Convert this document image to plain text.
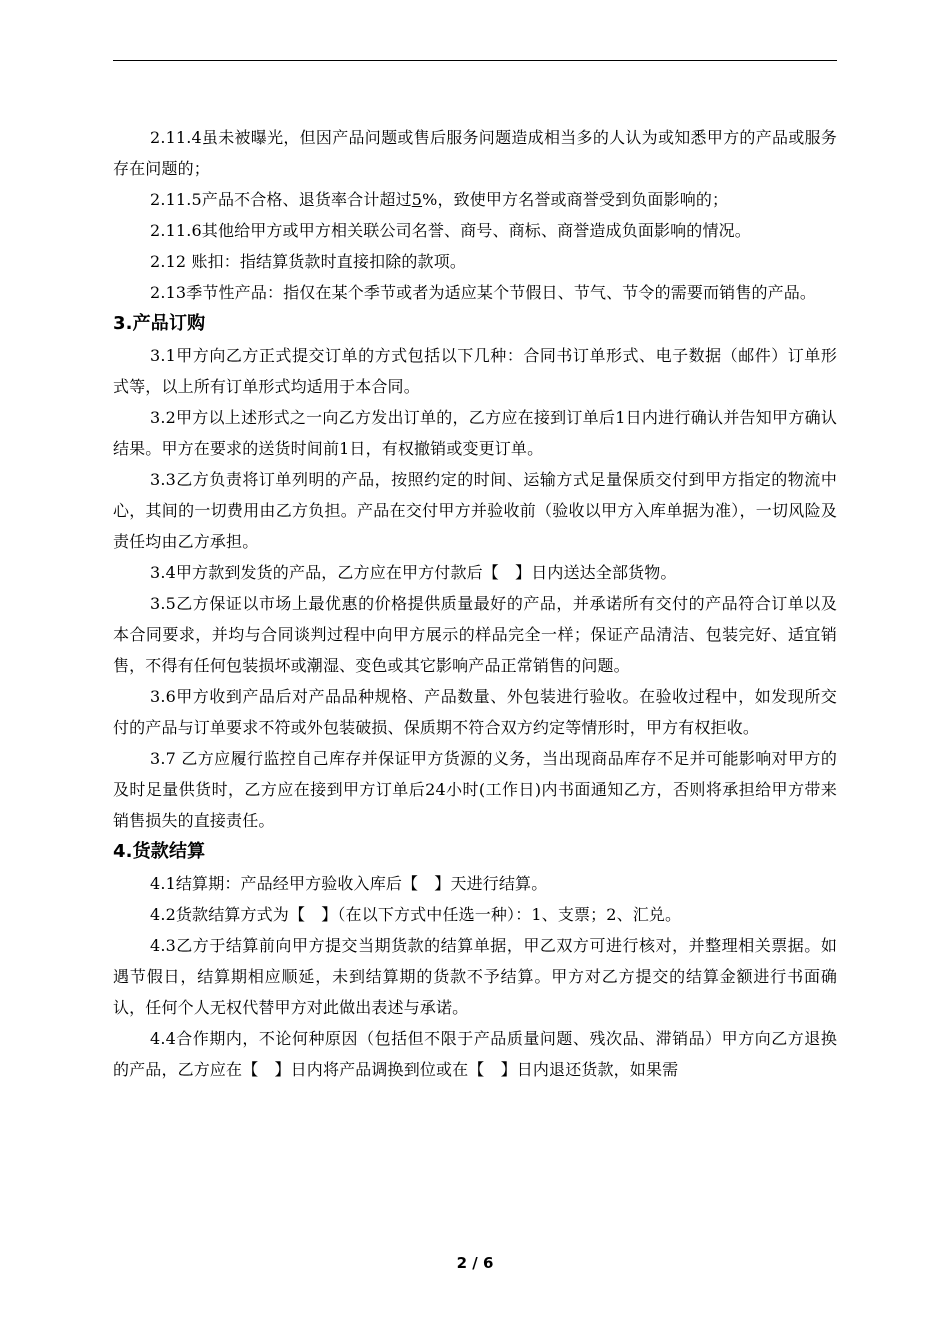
2.11.4虽未被曝光，但因产品问题或售后服务问题造成相当多的人认为或知悉甲方的产品或服务存在问题的；

2.11.5产品不合格、退货率合计超过5%，致使甲方名誉或商誉受到负面影响的；

2.11.6其他给甲方或甲方相关联公司名誉、商号、商标、商誉造成负面影响的情况。

2.12 账扣：指结算货款时直接扣除的款项。

2.13季节性产品：指仅在某个季节或者为适应某个节假日、节气、节令的需要而销售的产品。

3.产品订购

3.1甲方向乙方正式提交订单的方式包括以下几种：合同书订单形式、电子数据（邮件）订单形式等，以上所有订单形式均适用于本合同。

3.2甲方以上述形式之一向乙方发出订单的，乙方应在接到订单后1日内进行确认并告知甲方确认结果。甲方在要求的送货时间前1日，有权撤销或变更订单。

3.3乙方负责将订单列明的产品，按照约定的时间、运输方式足量保质交付到甲方指定的物流中心，其间的一切费用由乙方负担。产品在交付甲方并验收前（验收以甲方入库单据为准），一切风险及责任均由乙方承担。

3.4甲方款到发货的产品，乙方应在甲方付款后【　】日内送达全部货物。

3.5乙方保证以市场上最优惠的价格提供质量最好的产品，并承诺所有交付的产品符合订单以及本合同要求，并均与合同谈判过程中向甲方展示的样品完全一样；保证产品清洁、包装完好、适宜销售，不得有任何包装损坏或潮湿、变色或其它影响产品正常销售的问题。

3.6甲方收到产品后对产品品种规格、产品数量、外包装进行验收。在验收过程中，如发现所交付的产品与订单要求不符或外包装破损、保质期不符合双方约定等情形时，甲方有权拒收。

3.7 乙方应履行监控自己库存并保证甲方货源的义务，当出现商品库存不足并可能影响对甲方的及时足量供货时，乙方应在接到甲方订单后24小时(工作日)内书面通知乙方，否则将承担给甲方带来销售损失的直接责任。

4.货款结算

4.1结算期：产品经甲方验收入库后【　】天进行结算。

4.2货款结算方式为【　】（在以下方式中任选一种）：1、支票；2、汇兑。

4.3乙方于结算前向甲方提交当期货款的结算单据，甲乙双方可进行核对，并整理相关票据。如遇节假日，结算期相应顺延，未到结算期的货款不予结算。甲方对乙方提交的结算金额进行书面确认，任何个人无权代替甲方对此做出表述与承诺。

4.4合作期内，不论何种原因（包括但不限于产品质量问题、残次品、滞销品）甲方向乙方退换的产品，乙方应在【　】日内将产品调换到位或在【　】日内退还货款，如果需

2 / 6
